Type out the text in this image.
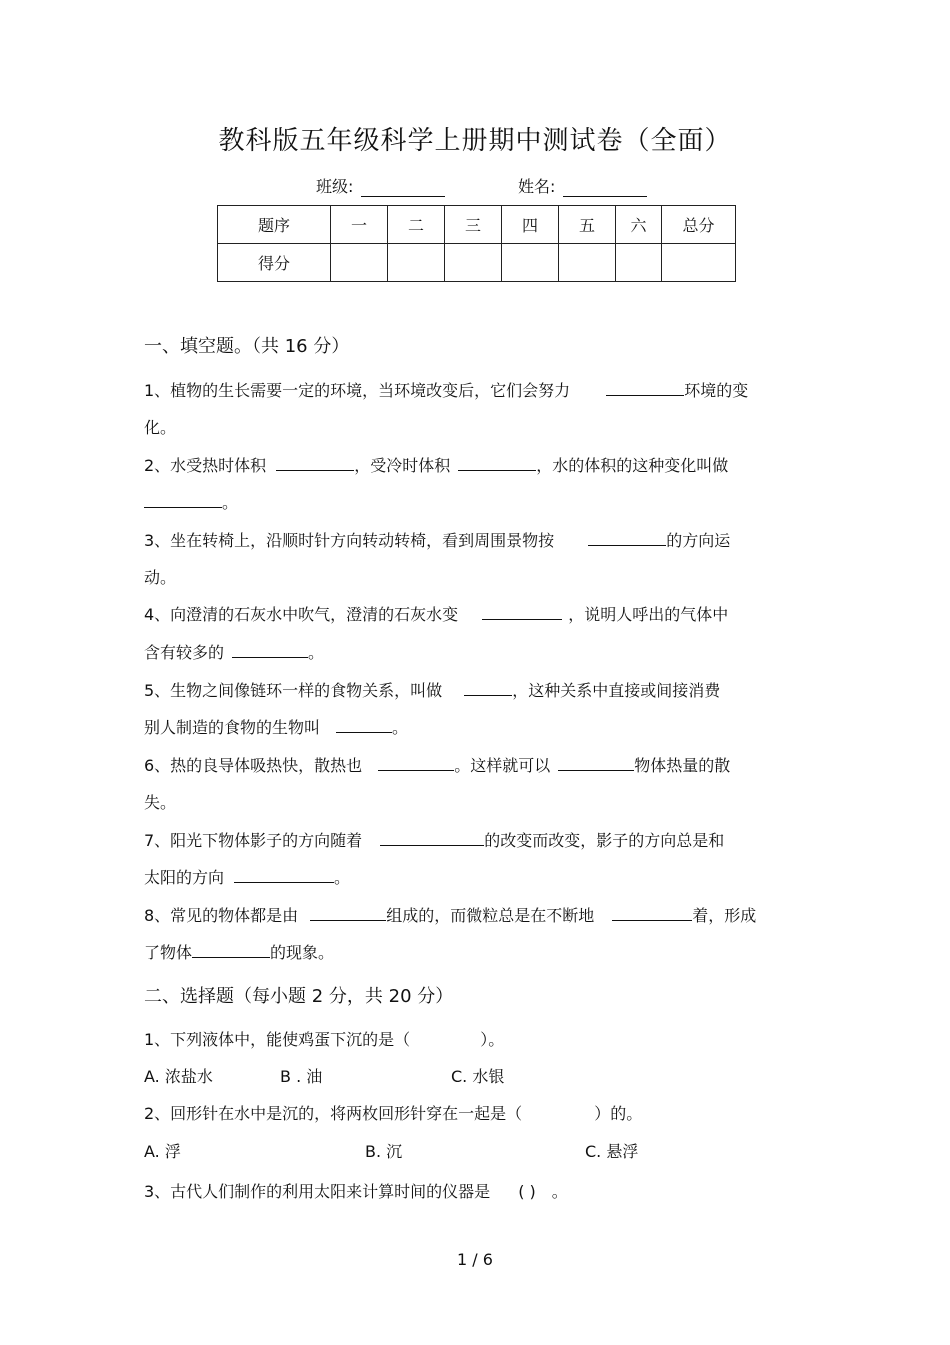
教科版五年级科学上册期中测试卷（全面）
班级:	姓名:
题序	一	二	三	四	五	六	总分
得分							
一、填空题。（共 16 分）
1、植物的生长需要一定的环境，当环境改变后，它们会努力	环境的变
化。
2、水受热时体积	，受冷时体积	，水的体积的这种变化叫做
。
3、坐在转椅上，沿顺时针方向转动转椅，看到周围景物按	的方向运
动。
4、向澄清的石灰水中吹气，澄清的石灰水变	，说明人呼出的气体中
含有较多的	。
5、生物之间像链环一样的食物关系，叫做	，这种关系中直接或间接消费
别人制造的食物的生物叫	。
6、热的良导体吸热快，散热也	。这样就可以	物体热量的散
失。
7、阳光下物体影子的方向随着	的改变而改变，影子的方向总是和
太阳的方向	。
8、常见的物体都是由	组成的，而微粒总是在不断地	着，形成
了物体	的现象。
二、选择题（每小题 2 分，共 20 分）
1、下列液体中，能使鸡蛋下沉的是（	）。
A. 浓盐水	B . 油	C. 水银
2、回形针在水中是沉的，将两枚回形针穿在一起是（	）的。
A. 浮	B. 沉	C. 悬浮
3、古代人们制作的利用太阳来计算时间的仪器是 ( ) 。
1 / 6
